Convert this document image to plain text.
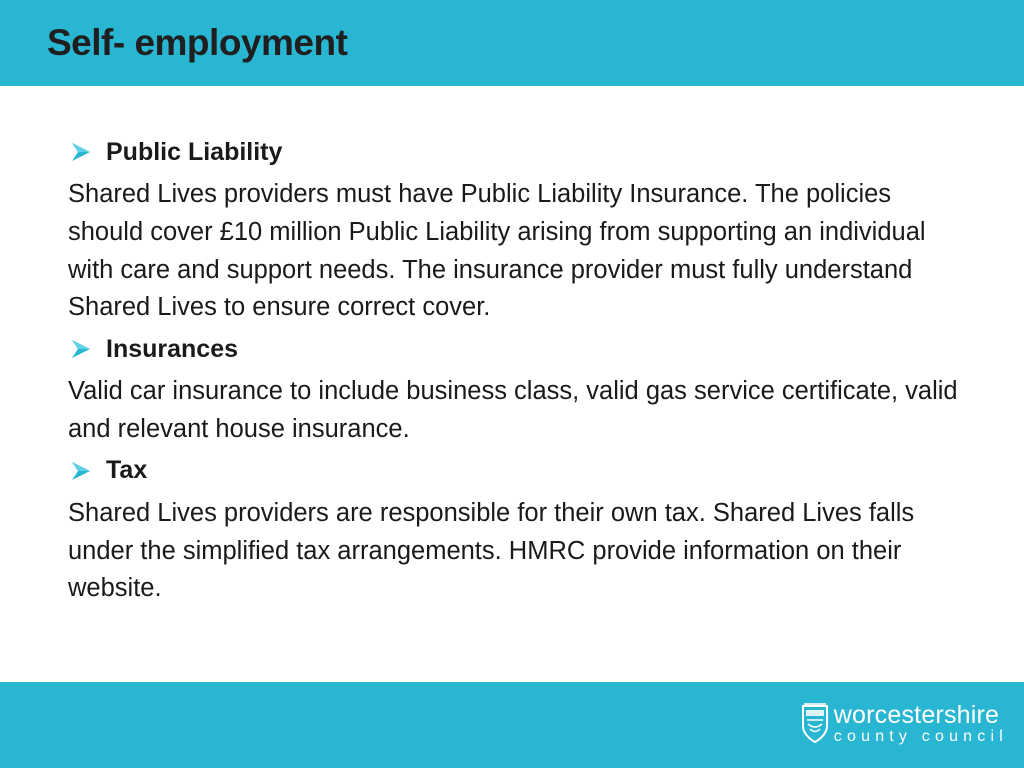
Self- employment
Public Liability

Shared Lives providers must have Public Liability Insurance. The policies should cover £10 million Public Liability arising from supporting an individual with care and support needs. The insurance provider must fully understand Shared Lives to ensure correct cover.

Insurances

Valid car insurance to include business class, valid gas service certificate, valid and relevant house insurance.

Tax

Shared Lives providers are responsible for their own tax. Shared Lives falls under the simplified tax arrangements. HMRC provide information on their website.

worcestershire
county council
